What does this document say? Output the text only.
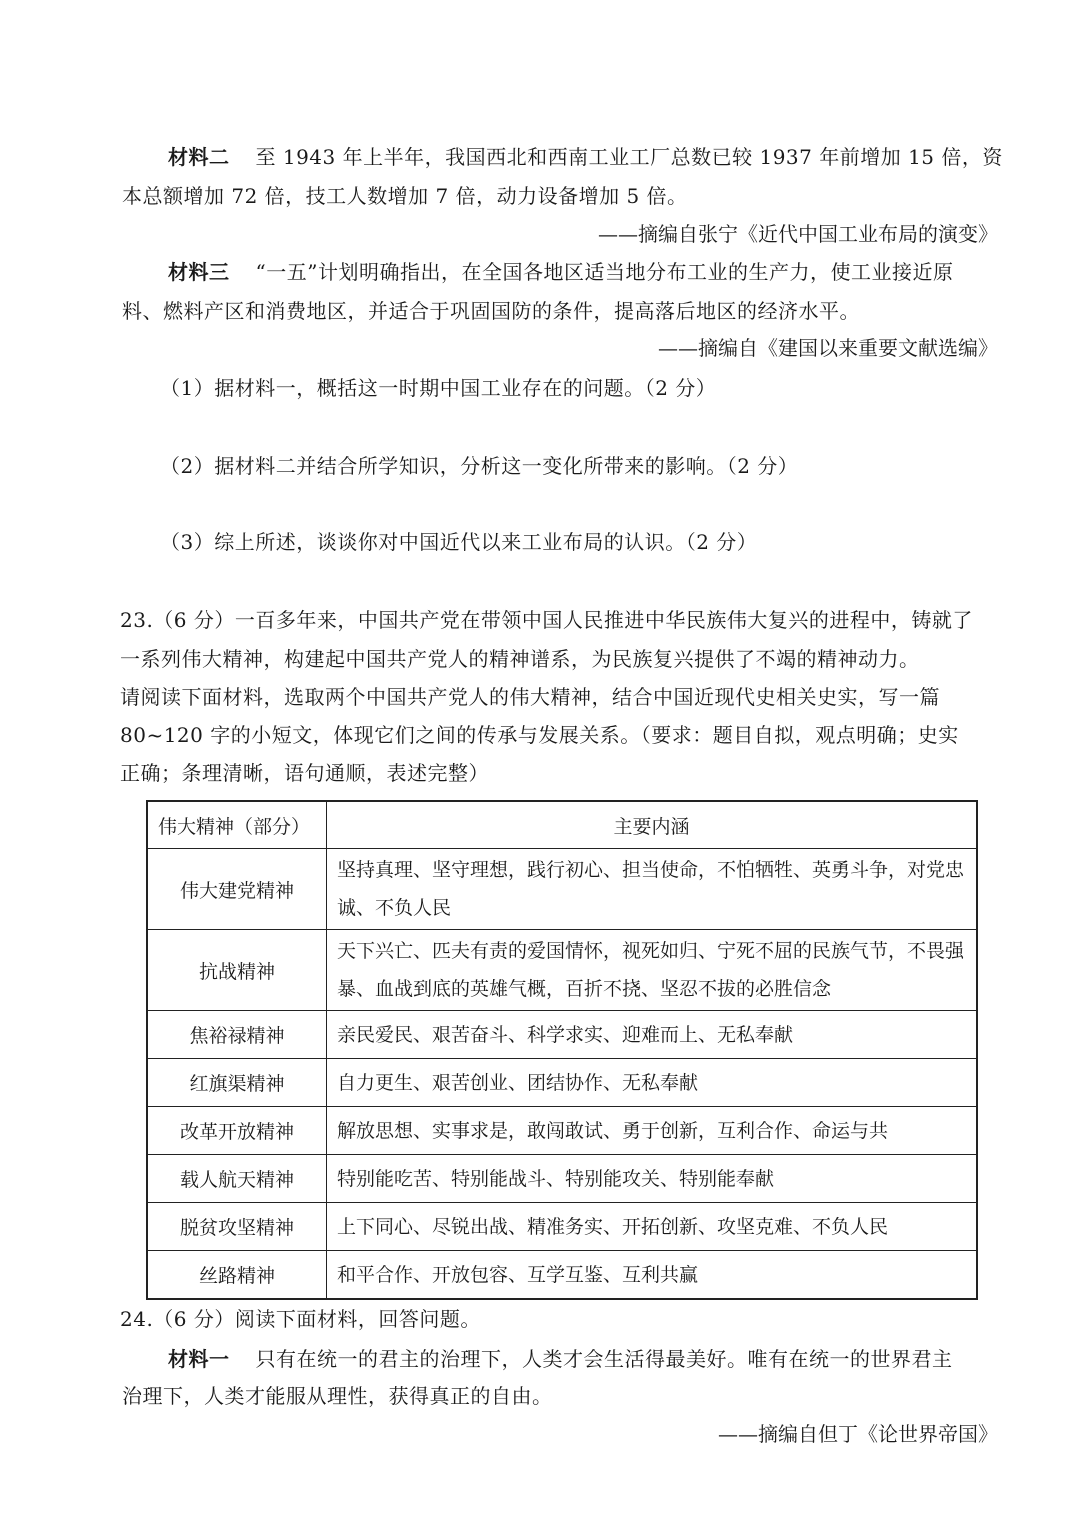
材料二 至 1943 年上半年，我国西北和西南工业工厂总数已较 1937 年前增加 15 倍，资
本总额增加 72 倍，技工人数增加 7 倍，动力设备增加 5 倍。
——摘编自张宁《近代中国工业布局的演变》
材料三 “一五”计划明确指出，在全国各地区适当地分布工业的生产力，使工业接近原
料、燃料产区和消费地区，并适合于巩固国防的条件，提高落后地区的经济水平。
——摘编自《建国以来重要文献选编》
（1）据材料一，概括这一时期中国工业存在的问题。（2 分）
（2）据材料二并结合所学知识，分析这一变化所带来的影响。（2 分）
（3）综上所述，谈谈你对中国近代以来工业布局的认识。（2 分）
23.（6 分）一百多年来，中国共产党在带领中国人民推进中华民族伟大复兴的进程中，铸就了
一系列伟大精神，构建起中国共产党人的精神谱系，为民族复兴提供了不竭的精神动力。
请阅读下面材料，选取两个中国共产党人的伟大精神，结合中国近现代史相关史实，写一篇
80~120 字的小短文，体现它们之间的传承与发展关系。（要求：题目自拟，观点明确；史实
正确；条理清晰，语句通顺，表述完整）
伟大精神（部分）	主要内涵
伟大建党精神	坚持真理、坚守理想，践行初心、担当使命，不怕牺牲、英勇斗争，对党忠诚、不负人民
抗战精神	天下兴亡、匹夫有责的爱国情怀，视死如归、宁死不屈的民族气节，不畏强暴、血战到底的英雄气概，百折不挠、坚忍不拔的必胜信念
焦裕禄精神	亲民爱民、艰苦奋斗、科学求实、迎难而上、无私奉献
红旗渠精神	自力更生、艰苦创业、团结协作、无私奉献
改革开放精神	解放思想、实事求是，敢闯敢试、勇于创新，互利合作、命运与共
载人航天精神	特别能吃苦、特别能战斗、特别能攻关、特别能奉献
脱贫攻坚精神	上下同心、尽锐出战、精准务实、开拓创新、攻坚克难、不负人民
丝路精神	和平合作、开放包容、互学互鉴、互利共赢
24.（6 分）阅读下面材料，回答问题。
材料一 只有在统一的君主的治理下，人类才会生活得最美好。唯有在统一的世界君主
治理下，人类才能服从理性，获得真正的自由。
——摘编自但丁《论世界帝国》
